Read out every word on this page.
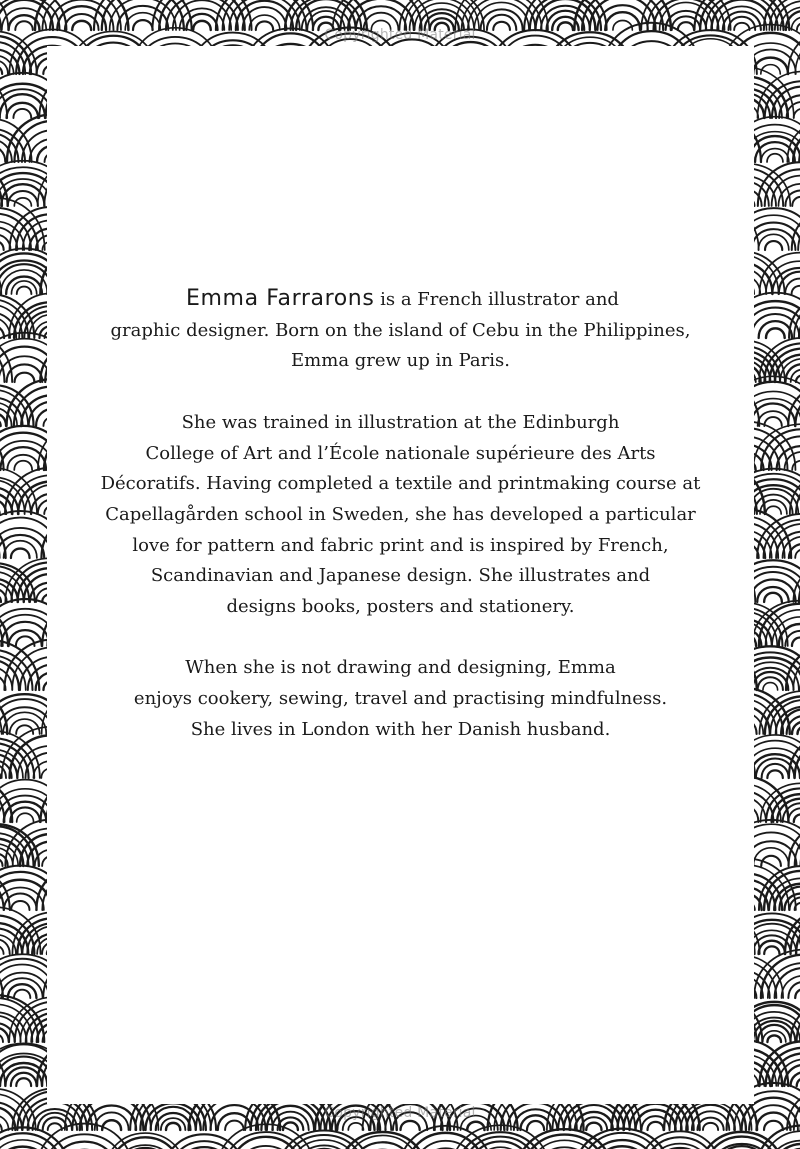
Copyrighted Material
Copyrighted Material
Emma Farrarons is a French illustrator and
graphic designer. Born on the island of Cebu in the Philippines,
Emma grew up in Paris.
She was trained in illustration at the Edinburgh
College of Art and l’École nationale supérieure des Arts
Décoratifs. Having completed a textile and printmaking course at
Capellagården school in Sweden, she has developed a particular
love for pattern and fabric print and is inspired by French,
Scandinavian and Japanese design. She illustrates and
designs books, posters and stationery.
When she is not drawing and designing, Emma
enjoys cookery, sewing, travel and practising mindfulness.
She lives in London with her Danish husband.
